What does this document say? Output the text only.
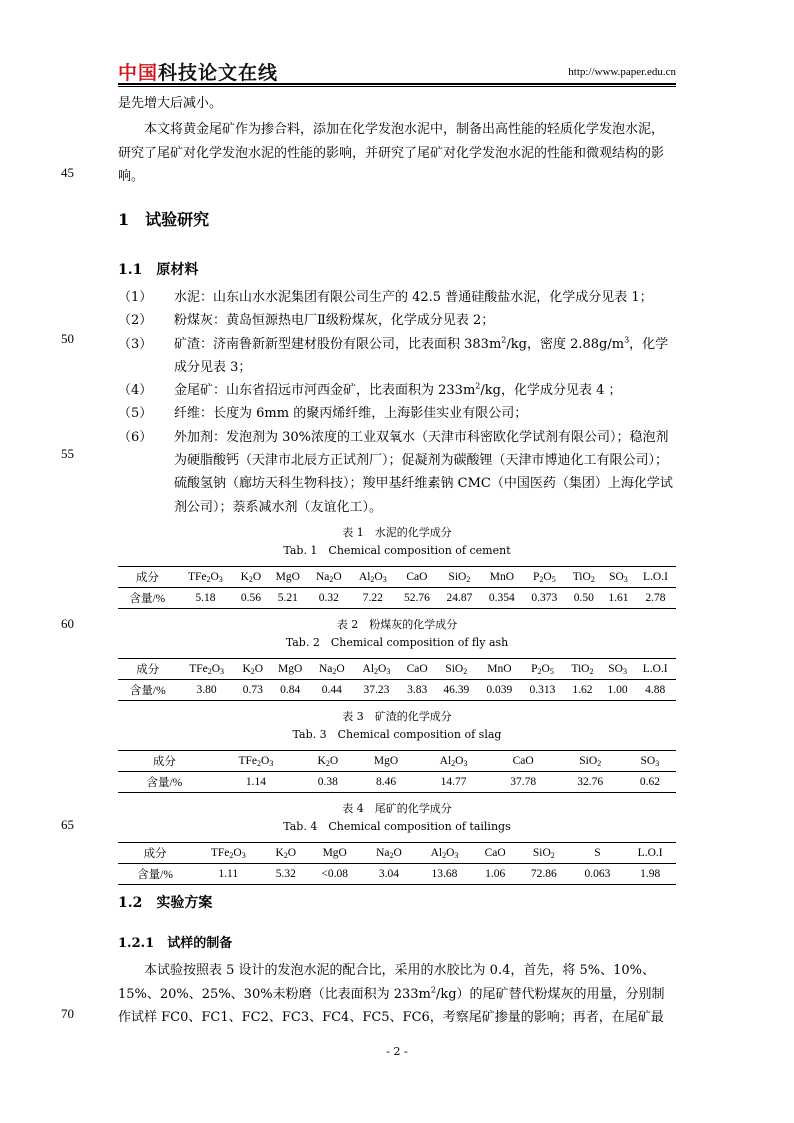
中国科技论文在线	http://www.paper.edu.cn
45
50
55
60
65
70
是先增大后减小。
本文将黄金尾矿作为掺合料，添加在化学发泡水泥中，制备出高性能的轻质化学发泡水泥，研究了尾矿对化学发泡水泥的性能的影响，并研究了尾矿对化学发泡水泥的性能和微观结构的影响。
1　试验研究
1.1　原材料
（1）	水泥：山东山水水泥集团有限公司生产的 42.5 普通硅酸盐水泥，化学成分见表 1；
（2）	粉煤灰：黄岛恒源热电厂Ⅱ级粉煤灰，化学成分见表 2；
（3）	矿渣：济南鲁新新型建材股份有限公司，比表面积 $383m^2/kg$，密度 $2.88g/m^3$，化学成分见表 3；
（4）	金尾矿：山东省招远市河西金矿，比表面积为 $233m^2/kg$，化学成分见表 4 ；
（5）	纤维：长度为 6mm 的聚丙烯纤维，上海影佳实业有限公司；
（6）	外加剂：发泡剂为 30%浓度的工业双氧水（天津市科密欧化学试剂有限公司）；稳泡剂为硬脂酸钙（天津市北辰方正试剂厂）；促凝剂为碳酸锂（天津市博迪化工有限公司）；硫酸氢钠（廊坊天科生物科技）；羧甲基纤维素钠 CMC（中国医药（集团）上海化学试剂公司）；萘系减水剂（友谊化工）。
表 1　水泥的化学成分
Tab. 1　Chemical composition of cement
成分	$TFe_2O_3$	$K_2O$	MgO	$Na_2O$	$Al_2O_3$	CaO	SiO$_2$	MnO	$P_2O_5$	TiO$_2$	$SO_3$	L.O.I
含量/%	5.18	0.56	5.21	0.32	7.22	52.76	24.87	0.354	0.373	0.50	1.61	2.78
表 2　粉煤灰的化学成分
Tab. 2　Chemical composition of fly ash
成分	$TFe_2O_3$	$K_2O$	MgO	$Na_2O$	$Al_2O_3$	CaO	SiO$_2$	MnO	$P_2O_5$	TiO$_2$	$SO_3$	L.O.I
含量/%	3.80	0.73	0.84	0.44	37.23	3.83	46.39	0.039	0.313	1.62	1.00	4.88
表 3　矿渣的化学成分
Tab. 3　Chemical composition of slag
成分	$TFe_2O_3$	$K_2O$	MgO	$Al_2O_3$	CaO	SiO$_2$	$SO_3$
含量/%	1.14	0.38	8.46	14.77	37.78	32.76	0.62
表 4　尾矿的化学成分
Tab. 4　Chemical composition of tailings
成分	$TFe_2O_3$	$K_2O$	MgO	$Na_2O$	$Al_2O_3$	CaO	SiO$_2$	S	L.O.I
含量/%	1.11	5.32	<0.08	3.04	13.68	1.06	72.86	0.063	1.98
1.2　实验方案
1.2.1　试样的制备
本试验按照表 5 设计的发泡水泥的配合比，采用的水胶比为 0.4，首先，将 5%、10%、15%、20%、25%、30%未粉磨（比表面积为 $233m^2/kg$）的尾矿替代粉煤灰的用量，分别制作试样 FC0、FC1、FC2、FC3、FC4、FC5、FC6，考察尾矿掺量的影响；再者，在尾矿最
- 2 -
